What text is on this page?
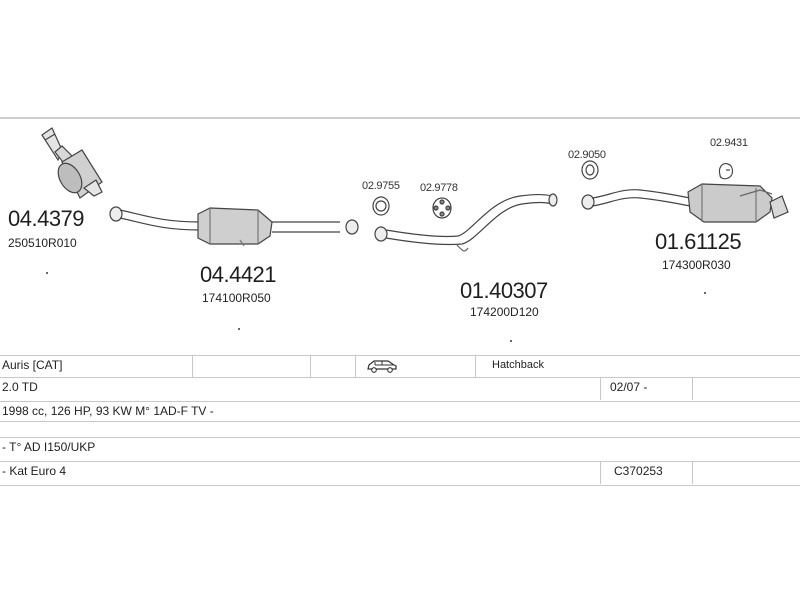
04.4379
250510R010
04.4421
174100R050
02.9755 02.9778
01.40307
174200D120
02.9050
02.9431
01.61125
174300R030
Auris [CAT]	Hatchback
2.0 TD	02/07 -
1998 cc, 126 HP, 93 KW M° 1AD-F TV -
- T° AD I150/UKP
- Kat Euro 4	C370253
